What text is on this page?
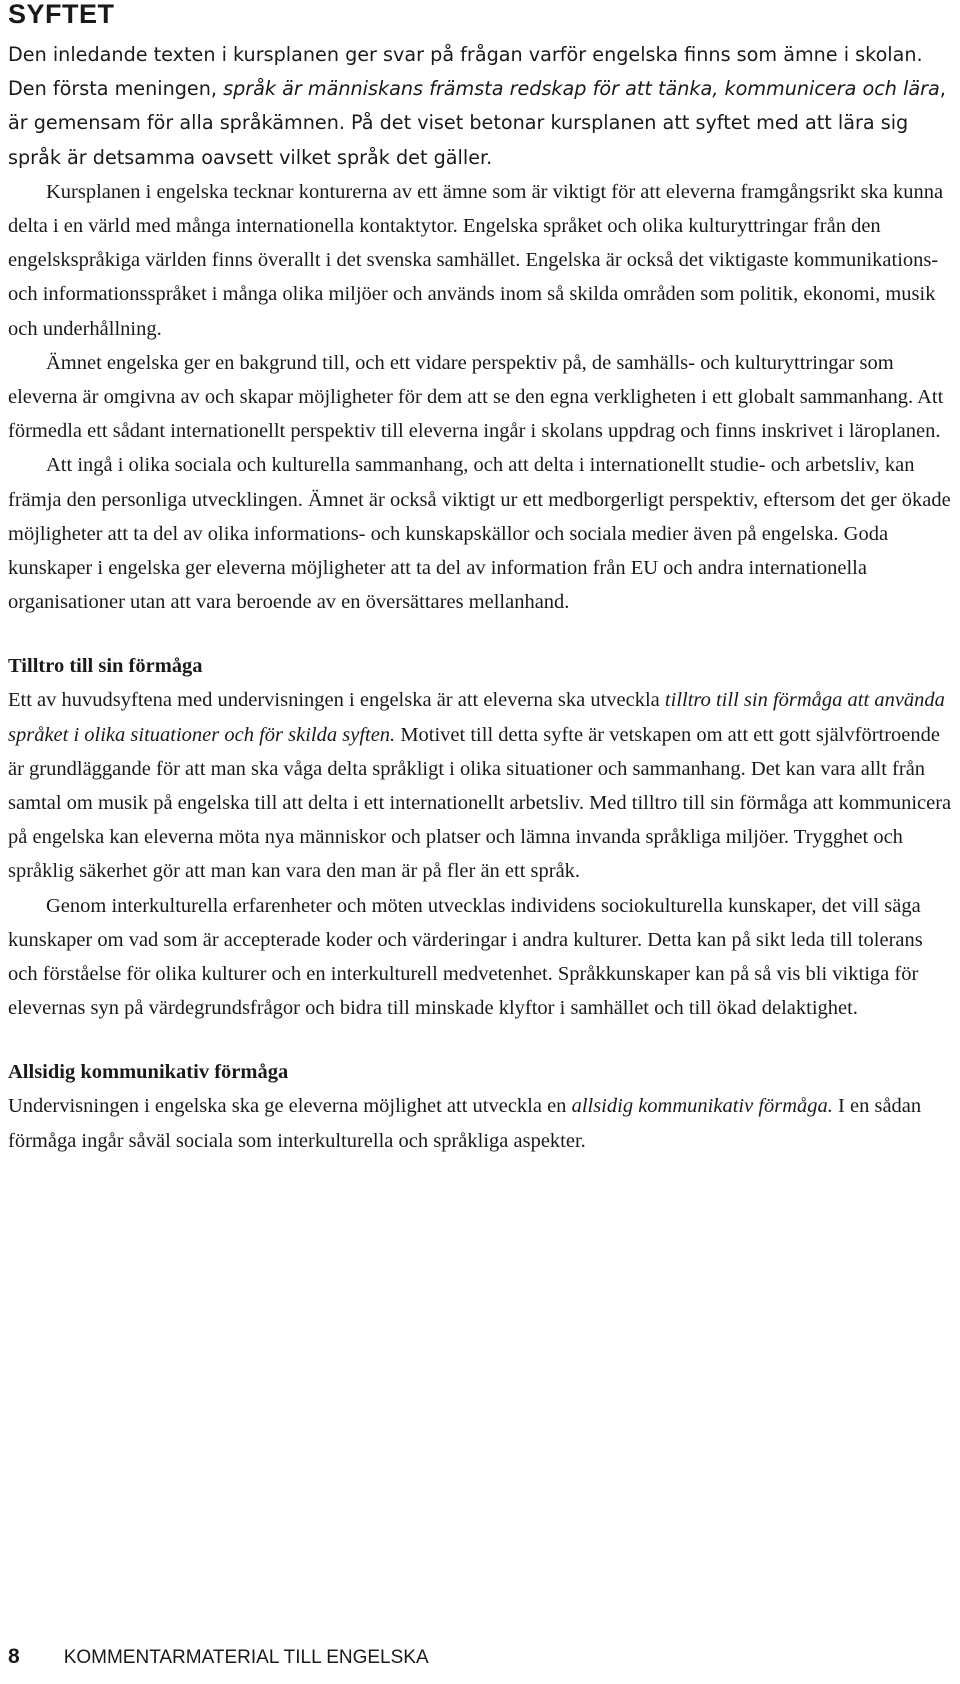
SYFTET

Den inledande texten i kursplanen ger svar på frågan varför engelska finns som ämne i skolan. Den första meningen, språk är människans främsta redskap för att tänka, kommunicera och lära, är gemensam för alla språkämnen. På det viset betonar kursplanen att syftet med att lära sig språk är detsamma oavsett vilket språk det gäller.

Kursplanen i engelska tecknar konturerna av ett ämne som är viktigt för att eleverna framgångsrikt ska kunna delta i en värld med många internationella kontaktytor. Engelska språket och olika kulturyttringar från den engelskspråkiga världen finns överallt i det svenska samhället. Engelska är också det viktigaste kommunikations- och informationsspråket i många olika miljöer och används inom så skilda områden som politik, ekonomi, musik och underhållning.

Ämnet engelska ger en bakgrund till, och ett vidare perspektiv på, de samhälls- och kulturyttringar som eleverna är omgivna av och skapar möjligheter för dem att se den egna verkligheten i ett globalt sammanhang. Att förmedla ett sådant internationellt perspektiv till eleverna ingår i skolans uppdrag och finns inskrivet i läroplanen.

Att ingå i olika sociala och kulturella sammanhang, och att delta i internationellt studie- och arbetsliv, kan främja den personliga utvecklingen. Ämnet är också viktigt ur ett medborgerligt perspektiv, eftersom det ger ökade möjligheter att ta del av olika informations- och kunskapskällor och sociala medier även på engelska. Goda kunskaper i engelska ger eleverna möjligheter att ta del av information från EU och andra internationella organisationer utan att vara beroende av en översättares mellanhand.

Tilltro till sin förmåga

Ett av huvudsyftena med undervisningen i engelska är att eleverna ska utveckla tilltro till sin förmåga att använda språket i olika situationer och för skilda syften. Motivet till detta syfte är vetskapen om att ett gott självförtroende är grundläggande för att man ska våga delta språkligt i olika situationer och sammanhang. Det kan vara allt från samtal om musik på engelska till att delta i ett internationellt arbetsliv. Med tilltro till sin förmåga att kommunicera på engelska kan eleverna möta nya människor och platser och lämna invanda språkliga miljöer. Trygghet och språklig säkerhet gör att man kan vara den man är på fler än ett språk.

Genom interkulturella erfarenheter och möten utvecklas individens sociokulturella kunskaper, det vill säga kunskaper om vad som är accepterade koder och värderingar i andra kulturer. Detta kan på sikt leda till tolerans och förståelse för olika kulturer och en interkulturell medvetenhet. Språkkunskaper kan på så vis bli viktiga för elevernas syn på värdegrundsfrågor och bidra till minskade klyftor i samhället och till ökad delaktighet.

Allsidig kommunikativ förmåga

Undervisningen i engelska ska ge eleverna möjlighet att utveckla en allsidig kommunikativ förmåga. I en sådan förmåga ingår såväl sociala som interkulturella och språkliga aspekter.

8 KOMMENTARMATERIAL TILL ENGELSKA
